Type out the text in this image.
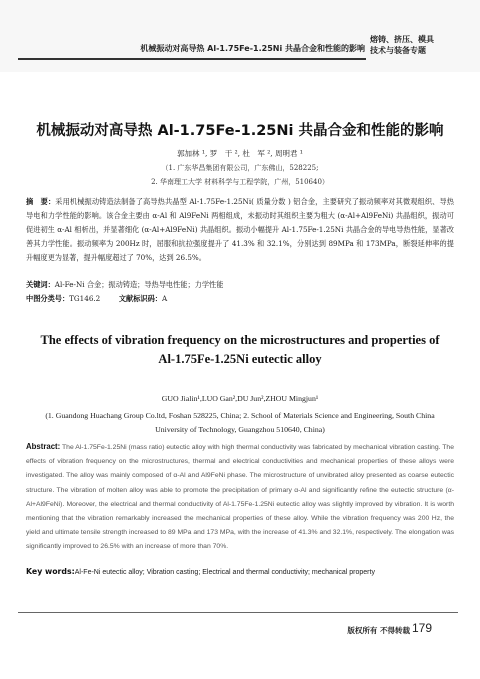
机械振动对高导热 Al-1.75Fe-1.25Ni 共晶合金和性能的影响
熔铸、挤压、模具
技术与装备专题
机械振动对高导热 Al-1.75Fe-1.25Ni 共晶合金和性能的影响
郭加林 ¹, 罗　干 ², 杜　军 ², 周明君 ¹
（1. 广东华昌集团有限公司，广东佛山，528225;
2. 华南理工大学 材料科学与工程学院，广州，510640）
摘　要：采用机械振动铸造法制备了高导热共晶型 Al-1.75Fe-1.25Ni( 质量分数 ) 铝合金，主要研究了振动频率对其微观组织、导热导电和力学性能的影响。该合金主要由 α-Al 和 Al9FeNi 两相组成，未振动时其组织主要为粗大 (α-Al+Al9FeNi) 共晶组织，振动可促进初生 α-Al 相析出，并显著细化 (α-Al+Al9FeNi) 共晶组织。振动小幅提升 Al-1.75Fe-1.25Ni 共晶合金的导电导热性能，显著改善其力学性能。振动频率为 200Hz 时，屈服和抗拉强度提升了 41.3% 和 32.1%，分别达到 89MPa 和 173MPa，断裂延伸率的提升幅度更为显著，提升幅度超过了 70%，达到 26.5%。
关键词：Al-Fe-Ni 合金；振动铸造；导热导电性能；力学性能
中图分类号：TG146.2	文献标识码：A
The effects of vibration frequency on the microstructures and properties of Al-1.75Fe-1.25Ni eutectic alloy
GUO Jialin¹,LUO Gan²,DU Jun²,ZHOU Mingjun¹
(1. Guandong Huachang Group Co.ltd, Foshan 528225, China; 2. School of Materials Science and Engineering, South China University of Technology, Guangzhou 510640, China)
Abstract: The Al-1.75Fe-1.25Ni (mass ratio) eutectic alloy with high thermal conductivity was fabricated by mechanical vibration casting. The effects of vibration frequency on the microstructures, thermal and electrical conductivities and mechanical properties of these alloys were investigated. The alloy was mainly composed of α-Al and Al9FeNi phase. The microstructure of unvibrated alloy presented as coarse eutectic structure. The vibration of molten alloy was able to promote the precipitation of primary α-Al and significantly refine the eutectic structure (α-Al+Al9FeNi). Moreover, the electrical and thermal conductivity of Al-1.75Fe-1.25Ni eutectic alloy was slightly improved by vibration. It is worth mentioning that the vibration remarkably increased the mechanical properties of these alloy. While the vibration frequency was 200 Hz, the yield and ultimate tensile strength increased to 89 MPa and 173 MPa, with the increase of 41.3% and 32.1%, respectively. The elongation was significantly improved to 26.5% with an increase of more than 70%.
Key words:Al-Fe-Ni eutectic alloy; Vibration casting; Electrical and thermal conductivity; mechanical property
版权所有 不得转载 179
